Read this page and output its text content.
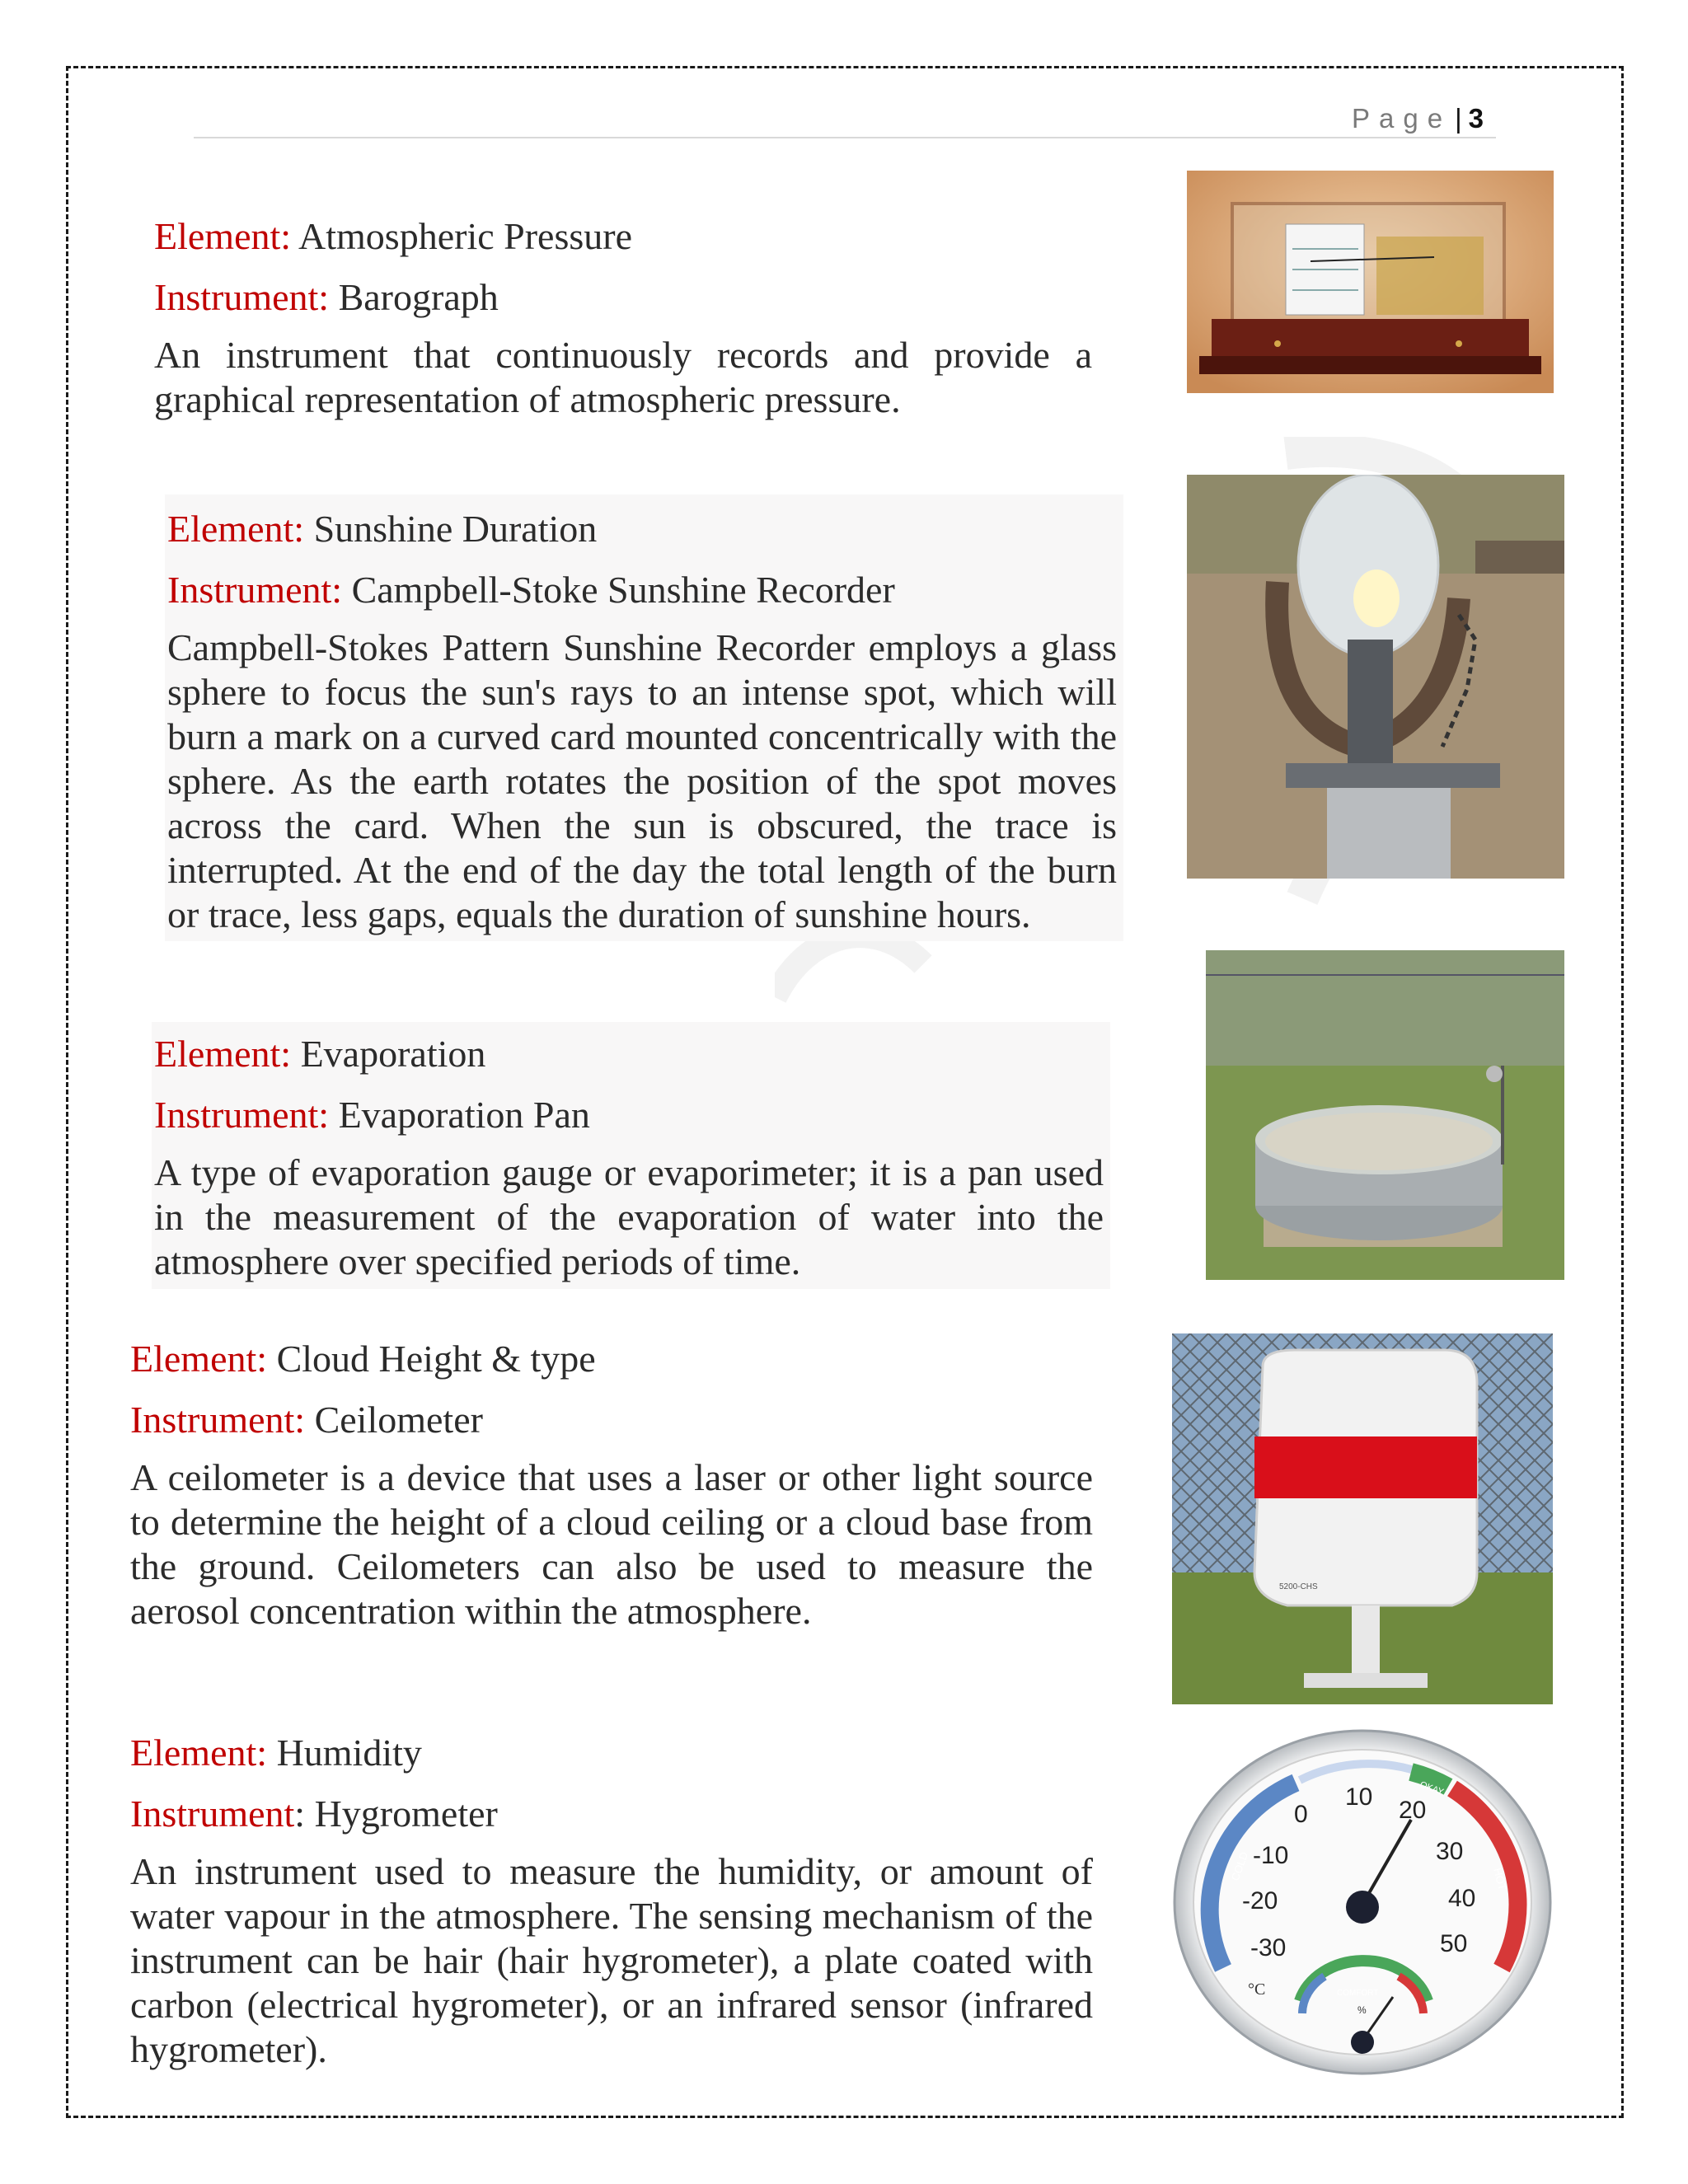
Page | 3
Element: Atmospheric Pressure
Instrument: Barograph
An instrument that continuously records and provide a graphical representation of atmospheric pressure.
Element: Sunshine Duration
Instrument: Campbell-Stoke Sunshine Recorder
Campbell-Stokes Pattern Sunshine Recorder employs a glass sphere to focus the sun's rays to an intense spot, which will burn a mark on a curved card mounted concentrically with the sphere. As the earth rotates the position of the spot moves across the card. When the sun is obscured, the trace is interrupted. At the end of the day the total length of the burn or trace, less gaps, equals the duration of sunshine hours.
Element: Evaporation
Instrument: Evaporation Pan
A type of evaporation gauge or evaporimeter; it is a pan used in the measurement of the evaporation of water into the atmosphere over specified periods of time.
Element: Cloud Height & type
Instrument: Ceilometer
A ceilometer is a device that uses a laser or other light source to determine the height of a cloud ceiling or a cloud base from the ground. Ceilometers can also be used to measure the aerosol concentration within the atmosphere.
5200-CHS
Element: Humidity
Instrument: Hygrometer
An instrument used to measure the humidity, or amount of water vapour in the atmosphere. The sensing mechanism of the instrument can be hair (hair hygrometer), a plate coated with carbon (electrical hygrometer), or an infrared sensor (infrared hygrometer).
COLD	HOT
OKAY
-30
-20
-10
0
10 20
30
40
50
°C	COMFORT
%
